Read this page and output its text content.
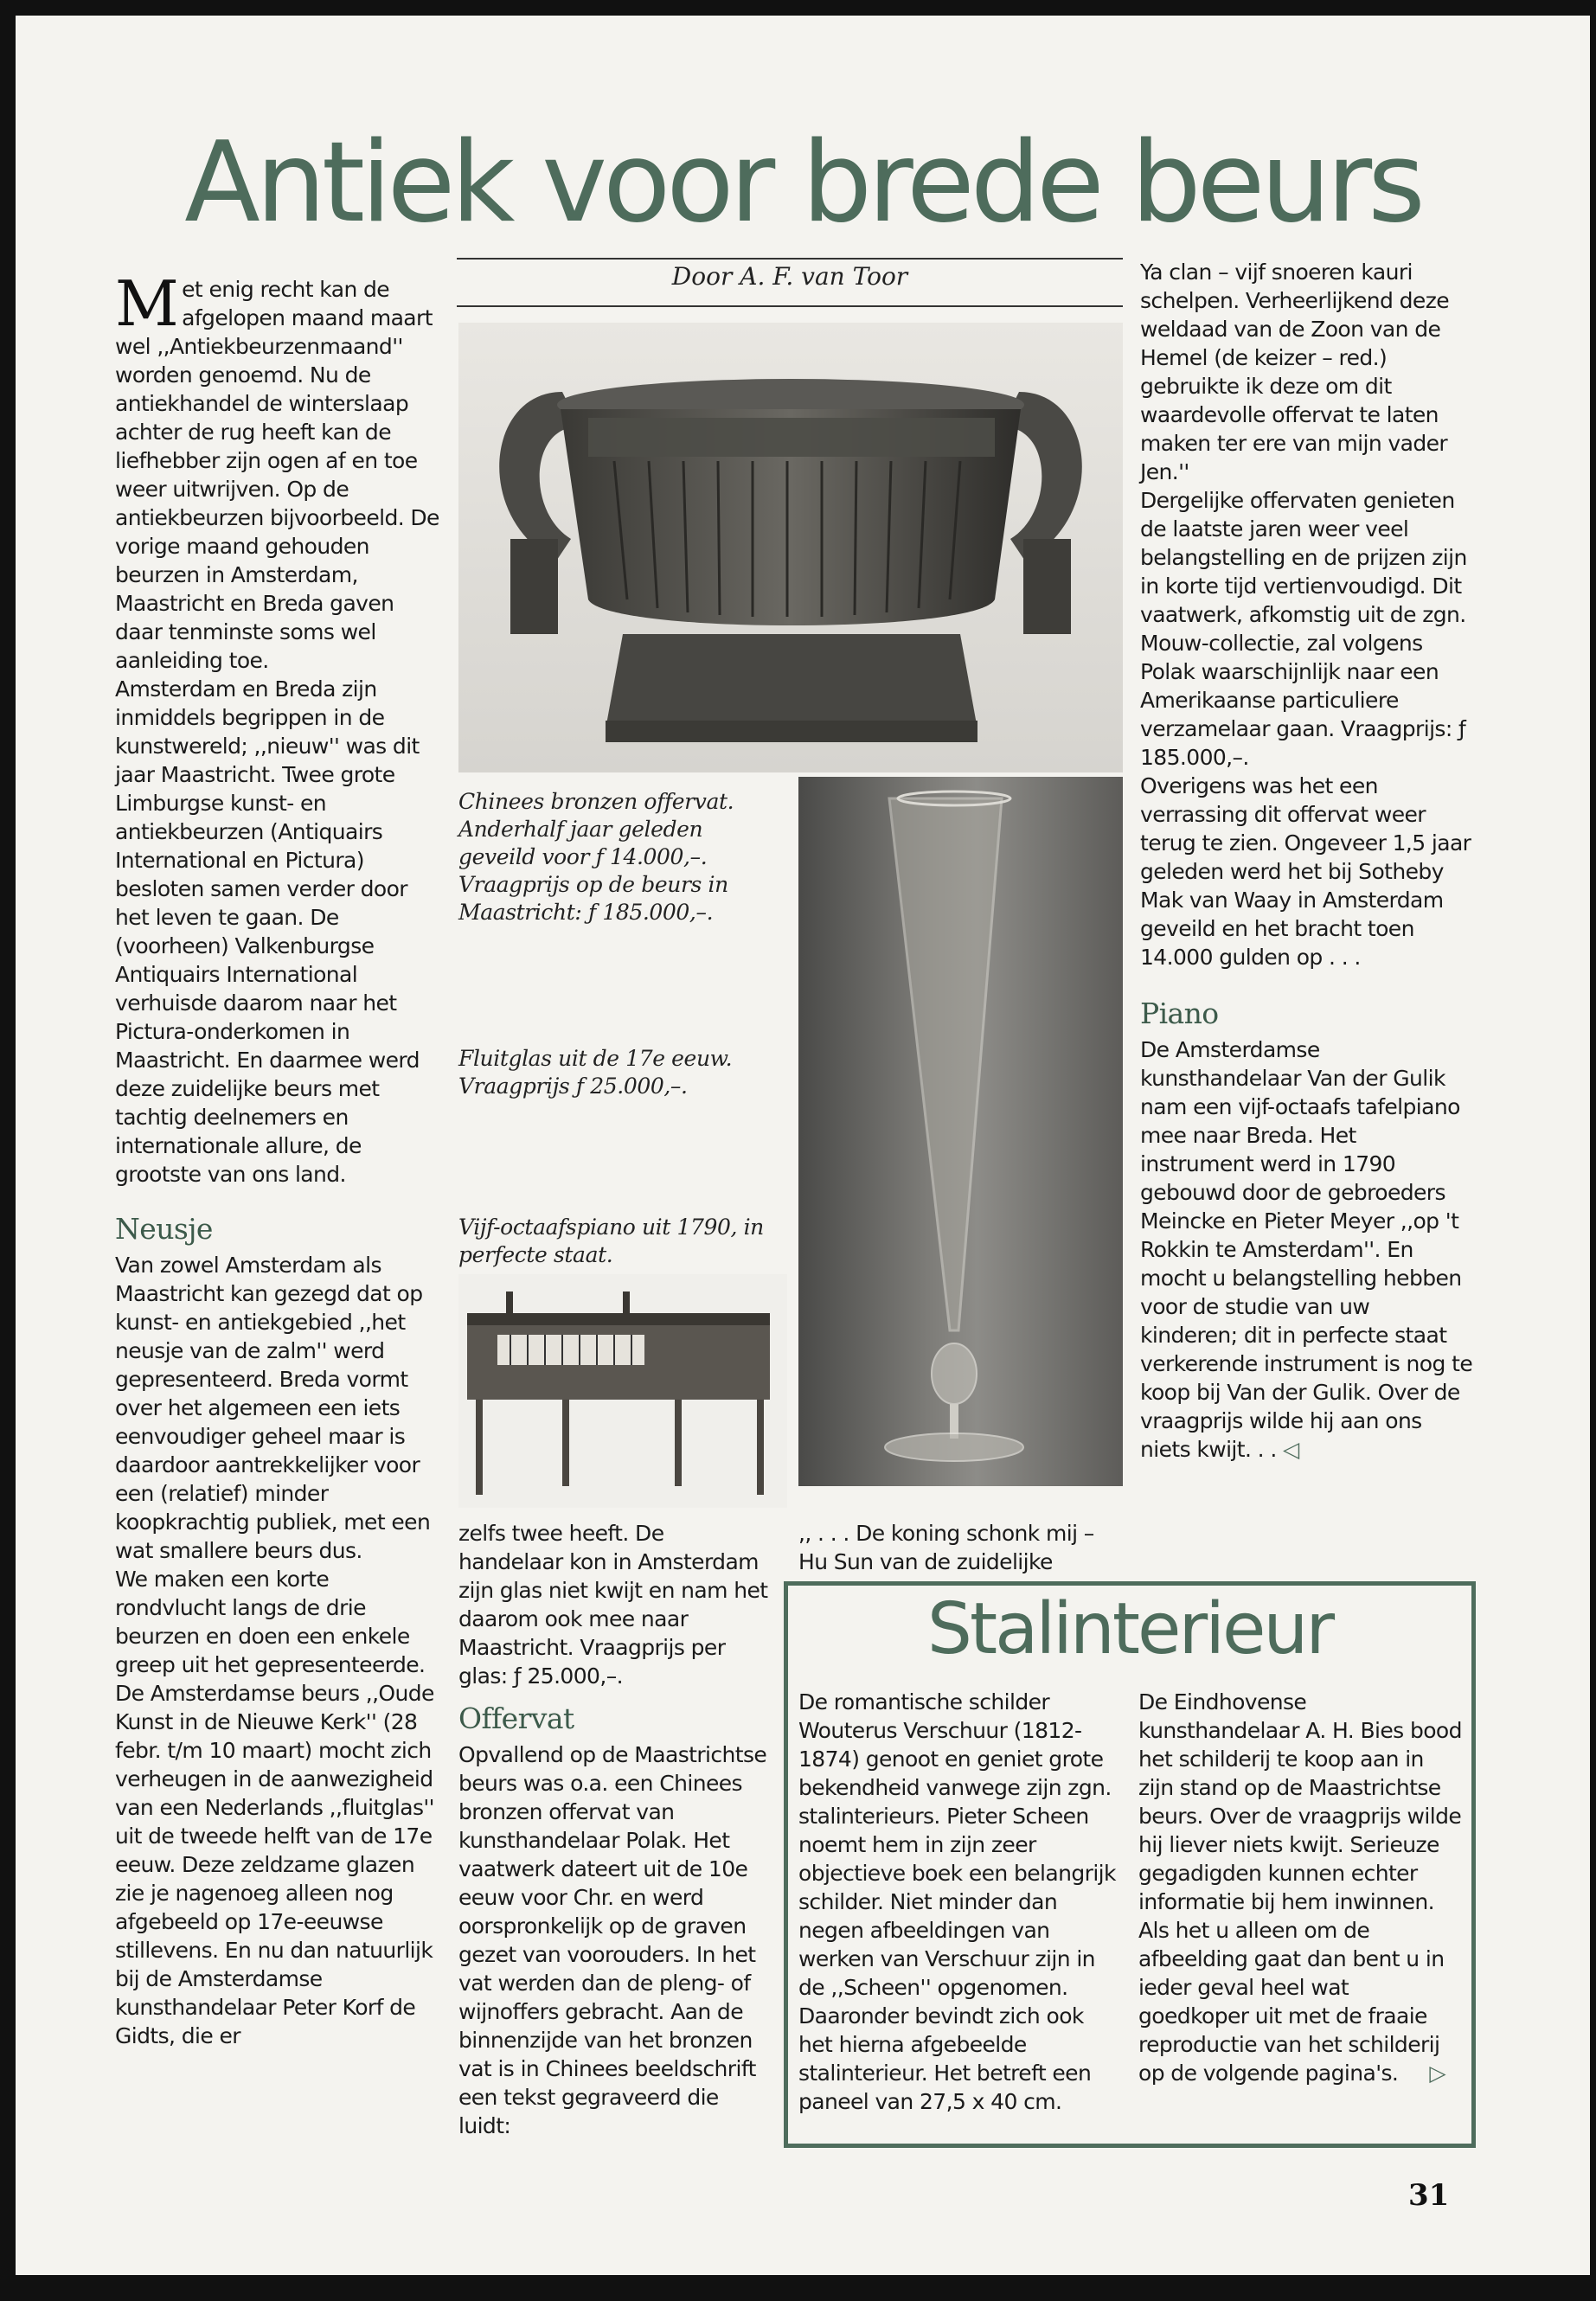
Antiek voor brede beurs

Met enig recht kan de afgelopen maand maart wel ,,Antiekbeurzenmaand'' worden genoemd. Nu de antiekhandel de winterslaap achter de rug heeft kan de liefhebber zijn ogen af en toe weer uitwrijven. Op de antiekbeurzen bijvoorbeeld. De vorige maand gehouden beurzen in Amsterdam, Maastricht en Breda gaven daar tenminste soms wel aanleiding toe.

Amsterdam en Breda zijn inmiddels begrippen in de kunstwereld; ,,nieuw'' was dit jaar Maastricht. Twee grote Limburgse kunst- en antiekbeurzen (Antiquairs International en Pictura) besloten samen verder door het leven te gaan. De (voorheen) Valkenburgse Antiquairs International verhuisde daarom naar het Pictura-onderkomen in Maastricht. En daarmee werd deze zuidelijke beurs met tachtig deelnemers en internationale allure, de grootste van ons land.

Neusje

Van zowel Amsterdam als Maastricht kan gezegd dat op kunst- en antiekgebied ,,het neusje van de zalm'' werd gepresenteerd. Breda vormt over het algemeen een iets eenvoudiger geheel maar is daardoor aantrekkelijker voor een (relatief) minder koopkrachtig publiek, met een wat smallere beurs dus.

We maken een korte rondvlucht langs de drie beurzen en doen een enkele greep uit het gepresenteerde.

De Amsterdamse beurs ,,Oude Kunst in de Nieuwe Kerk'' (28 febr. t/m 10 maart) mocht zich verheugen in de aanwezigheid van een Nederlands ,,fluitglas'' uit de tweede helft van de 17e eeuw. Deze zeldzame glazen zie je nagenoeg alleen nog afgebeeld op 17e-eeuwse stillevens. En nu dan natuurlijk bij de Amsterdamse kunsthandelaar Peter Korf de Gidts, die er

Door A. F. van Toor
Chinees bronzen offervat. Anderhalf jaar geleden geveild voor ƒ 14.000,–. Vraagprijs op de beurs in Maastricht: ƒ 185.000,–.
Fluitglas uit de 17e eeuw. Vraagprijs ƒ 25.000,–.
Vijf-octaafspiano uit 1790, in perfecte staat.

zelfs twee heeft. De handelaar kon in Amsterdam zijn glas niet kwijt en nam het daarom ook mee naar Maastricht. Vraagprijs per glas: ƒ 25.000,–.

Offervat

Opvallend op de Maastrichtse beurs was o.a. een Chinees bronzen offervat van kunsthandelaar Polak. Het vaatwerk dateert uit de 10e eeuw voor Chr. en werd oorspronkelijk op de graven gezet van voorouders. In het vat werden dan de pleng- of wijnoffers gebracht. Aan de binnenzijde van het bronzen vat is in Chinees beeldschrift een tekst gegraveerd die luidt:

,, . . . De koning schonk mij – Hu Sun van de zuidelijke

Ya clan – vijf snoeren kauri schelpen. Verheerlijkend deze weldaad van de Zoon van de Hemel (de keizer – red.) gebruikte ik deze om dit waardevolle offervat te laten maken ter ere van mijn vader Jen.''

Dergelijke offervaten genieten de laatste jaren weer veel belangstelling en de prijzen zijn in korte tijd vertienvoudigd. Dit vaatwerk, afkomstig uit de zgn. Mouw-collectie, zal volgens Polak waarschijnlijk naar een Amerikaanse particuliere verzamelaar gaan. Vraagprijs: ƒ 185.000,–.

Overigens was het een verrassing dit offervat weer terug te zien. Ongeveer 1,5 jaar geleden werd het bij Sotheby Mak van Waay in Amsterdam geveild en het bracht toen 14.000 gulden op . . .

Piano

De Amsterdamse kunsthandelaar Van der Gulik nam een vijf-octaafs tafelpiano mee naar Breda. Het instrument werd in 1790 gebouwd door de gebroeders Meincke en Pieter Meyer ,,op 't Rokkin te Amsterdam''. En mocht u belangstelling hebben voor de studie van uw kinderen; dit in perfecte staat verkerende instrument is nog te koop bij Van der Gulik. Over de vraagprijs wilde hij aan ons niets kwijt. . . ◁

Stalinterieur
De romantische schilder Wouterus Verschuur (1812-1874) genoot en geniet grote bekendheid vanwege zijn zgn. stalinterieurs. Pieter Scheen noemt hem in zijn zeer objectieve boek een belangrijk schilder. Niet minder dan negen afbeeldingen van werken van Verschuur zijn in de ,,Scheen'' opgenomen. Daaronder bevindt zich ook het hierna afgebeelde stalinterieur. Het betreft een paneel van 27,5 x 40 cm.
De Eindhovense kunsthandelaar A. H. Bies bood het schilderij te koop aan in zijn stand op de Maastrichtse beurs. Over de vraagprijs wilde hij liever niets kwijt. Serieuze gegadigden kunnen echter informatie bij hem inwinnen. Als het u alleen om de afbeelding gaat dan bent u in ieder geval heel wat goedkoper uit met de fraaie reproductie van het schilderij op de volgende pagina's. ▷
31
